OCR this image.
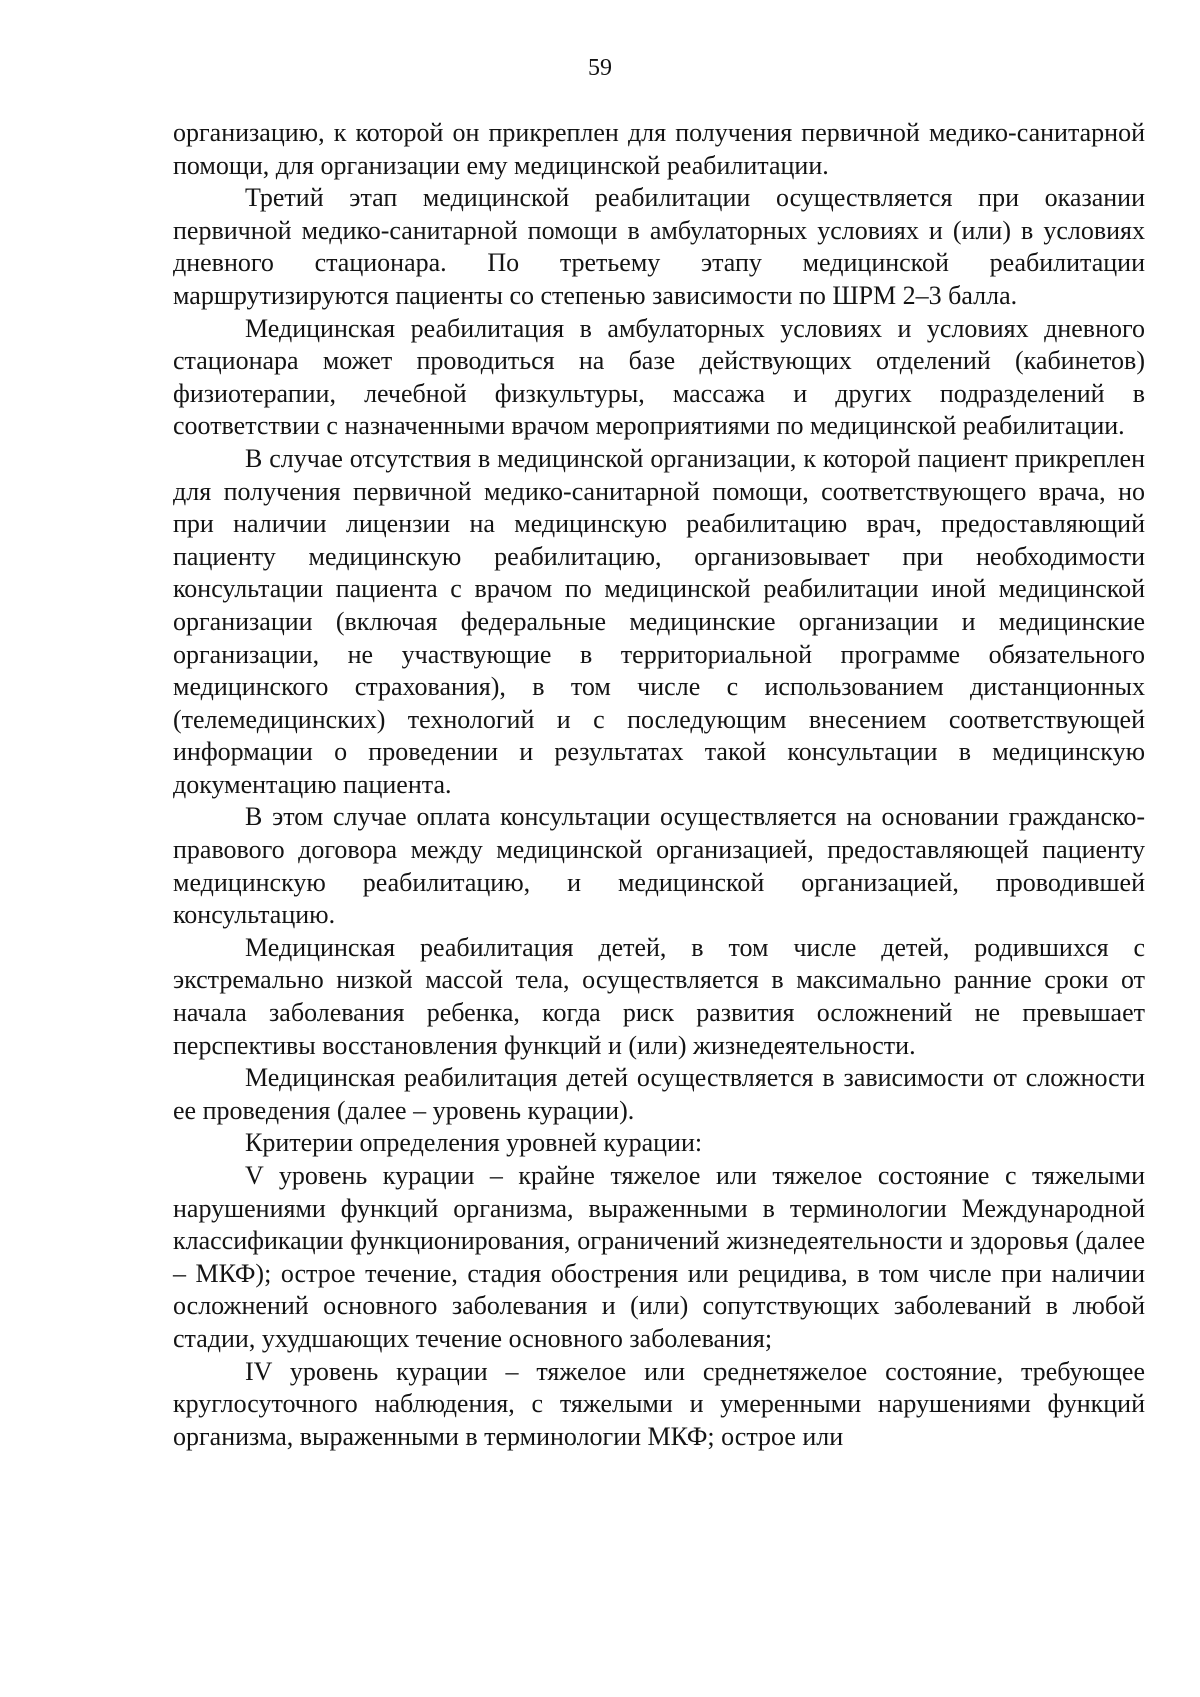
59

организацию, к которой он прикреплен для получения первичной медико-санитарной помощи, для организации ему медицинской реабилитации.

Третий этап медицинской реабилитации осуществляется при оказании первичной медико-санитарной помощи в амбулаторных условиях и (или) в условиях дневного стационара. По третьему этапу медицинской реабилитации маршрутизируются пациенты со степенью зависимости по ШРМ 2–3 балла.

Медицинская реабилитация в амбулаторных условиях и условиях дневного стационара может проводиться на базе действующих отделений (кабинетов) физиотерапии, лечебной физкультуры, массажа и других подразделений в соответствии с назначенными врачом мероприятиями по медицинской реабилитации.

В случае отсутствия в медицинской организации, к которой пациент прикреплен для получения первичной медико-санитарной помощи, соответствующего врача, но при наличии лицензии на медицинскую реабилитацию врач, предоставляющий пациенту медицинскую реабилитацию, организовывает при необходимости консультации пациента с врачом по медицинской реабилитации иной медицинской организации (включая федеральные медицинские организации и медицинские организации, не участвующие в территориальной программе обязательного медицинского страхования), в том числе с использованием дистанционных (телемедицинских) технологий и с последующим внесением соответствующей информации о проведении и результатах такой консультации в медицинскую документацию пациента.

В этом случае оплата консультации осуществляется на основании гражданско-правового договора между медицинской организацией, предоставляющей пациенту медицинскую реабилитацию, и медицинской организацией, проводившей консультацию.

Медицинская реабилитация детей, в том числе детей, родившихся с экстремально низкой массой тела, осуществляется в максимально ранние сроки от начала заболевания ребенка, когда риск развития осложнений не превышает перспективы восстановления функций и (или) жизнедеятельности.

Медицинская реабилитация детей осуществляется в зависимости от сложности ее проведения (далее – уровень курации).

Критерии определения уровней курации:

V уровень курации – крайне тяжелое или тяжелое состояние с тяжелыми нарушениями функций организма, выраженными в терминологии Международной классификации функционирования, ограничений жизнедеятельности и здоровья (далее – МКФ); острое течение, стадия обострения или рецидива, в том числе при наличии осложнений основного заболевания и (или) сопутствующих заболеваний в любой стадии, ухудшающих течение основного заболевания;

IV уровень курации – тяжелое или среднетяжелое состояние, требующее круглосуточного наблюдения, с тяжелыми и умеренными нарушениями функций организма, выраженными в терминологии МКФ; острое или
